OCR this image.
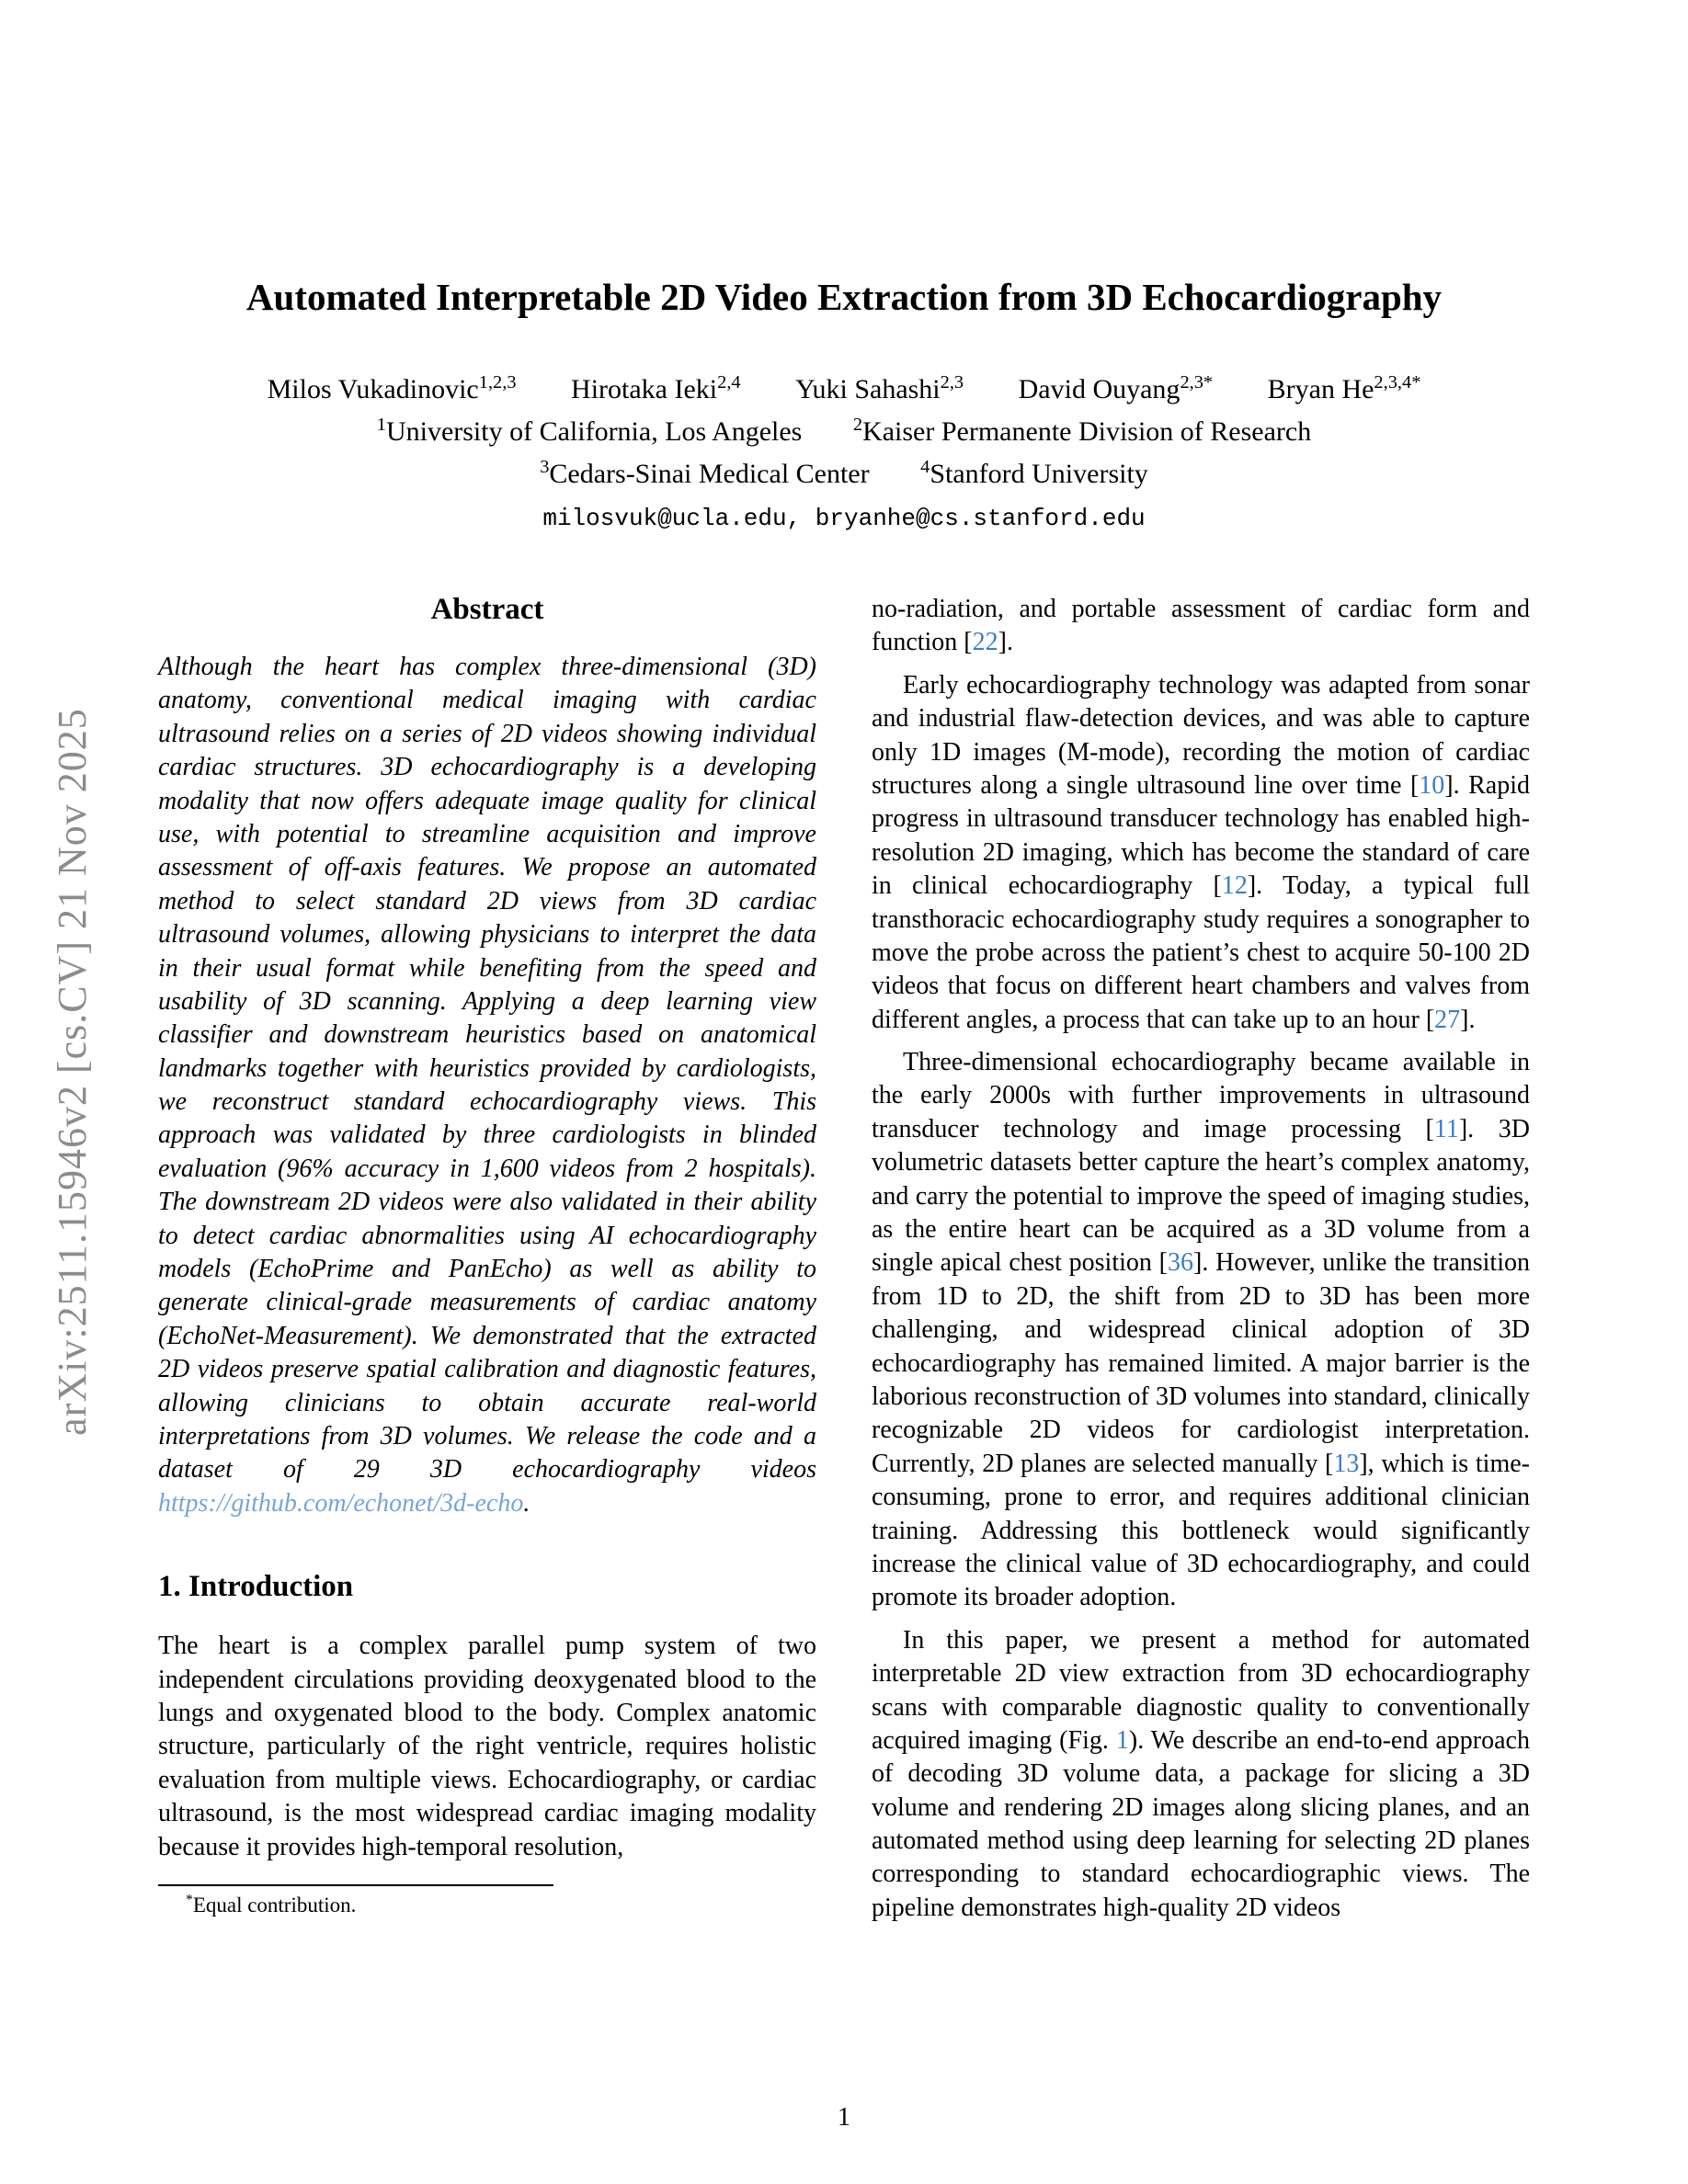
arXiv:2511.15946v2 [cs.CV] 21 Nov 2025
Automated Interpretable 2D Video Extraction from 3D Echocardiography
Milos Vukadinovic$^{1,2,3}$ Hirotaka Ieki$^{2,4}$ Yuki Sahashi$^{2,3}$ David Ouyang$^{2,3*}$ Bryan $He^{2,3,4*}$
$^1$University of California, Los Angeles	$^2$Kaiser Permanente Division of Research
$^3$Cedars-Sinai Medical Center	$^4$Stanford University
milosvuk@ucla.edu, bryanhe@cs.stanford.edu
Abstract
Although the heart has complex three-dimensional (3D) anatomy, conventional medical imaging with cardiac ultrasound relies on a series of 2D videos showing individual cardiac structures. 3D echocardiography is a developing modality that now offers adequate image quality for clinical use, with potential to streamline acquisition and improve assessment of off-axis features. We propose an automated method to select standard 2D views from 3D cardiac ultrasound volumes, allowing physicians to interpret the data in their usual format while benefiting from the speed and usability of 3D scanning. Applying a deep learning view classifier and downstream heuristics based on anatomical landmarks together with heuristics provided by cardiologists, we reconstruct standard echocardiography views. This approach was validated by three cardiologists in blinded evaluation (96% accuracy in 1,600 videos from 2 hospitals). The downstream 2D videos were also validated in their ability to detect cardiac abnormalities using AI echocardiography models (EchoPrime and PanEcho) as well as ability to generate clinical-grade measurements of cardiac anatomy (EchoNet-Measurement). We demonstrated that the extracted 2D videos preserve spatial calibration and diagnostic features, allowing clinicians to obtain accurate real-world interpretations from 3D volumes. We release the code and a dataset of 29 3D echocardiography videos https://github.com/echonet/3d-echo.
1. Introduction

The heart is a complex parallel pump system of two independent circulations providing deoxygenated blood to the lungs and oxygenated blood to the body. Complex anatomic structure, particularly of the right ventricle, requires holistic evaluation from multiple views. Echocardiography, or cardiac ultrasound, is the most widespread cardiac imaging modality because it provides high-temporal resolution,

*Equal contribution.

no-radiation, and portable assessment of cardiac form and function [22].

Early echocardiography technology was adapted from sonar and industrial flaw-detection devices, and was able to capture only 1D images (M-mode), recording the motion of cardiac structures along a single ultrasound line over time [10]. Rapid progress in ultrasound transducer technology has enabled high-resolution 2D imaging, which has become the standard of care in clinical echocardiography [12]. Today, a typical full transthoracic echocardiography study requires a sonographer to move the probe across the patient’s chest to acquire 50-100 2D videos that focus on different heart chambers and valves from different angles, a process that can take up to an hour [27].

Three-dimensional echocardiography became available in the early 2000s with further improvements in ultrasound transducer technology and image processing [11]. 3D volumetric datasets better capture the heart’s complex anatomy, and carry the potential to improve the speed of imaging studies, as the entire heart can be acquired as a 3D volume from a single apical chest position [36]. However, unlike the transition from 1D to 2D, the shift from 2D to 3D has been more challenging, and widespread clinical adoption of 3D echocardiography has remained limited. A major barrier is the laborious reconstruction of 3D volumes into standard, clinically recognizable 2D videos for cardiologist interpretation. Currently, 2D planes are selected manually [13], which is time-consuming, prone to error, and requires additional clinician training. Addressing this bottleneck would significantly increase the clinical value of 3D echocardiography, and could promote its broader adoption.

In this paper, we present a method for automated interpretable 2D view extraction from 3D echocardiography scans with comparable diagnostic quality to conventionally acquired imaging (Fig. 1). We describe an end-to-end approach of decoding 3D volume data, a package for slicing a 3D volume and rendering 2D images along slicing planes, and an automated method using deep learning for selecting 2D planes corresponding to standard echocardiographic views. The pipeline demonstrates high-quality 2D videos

1
